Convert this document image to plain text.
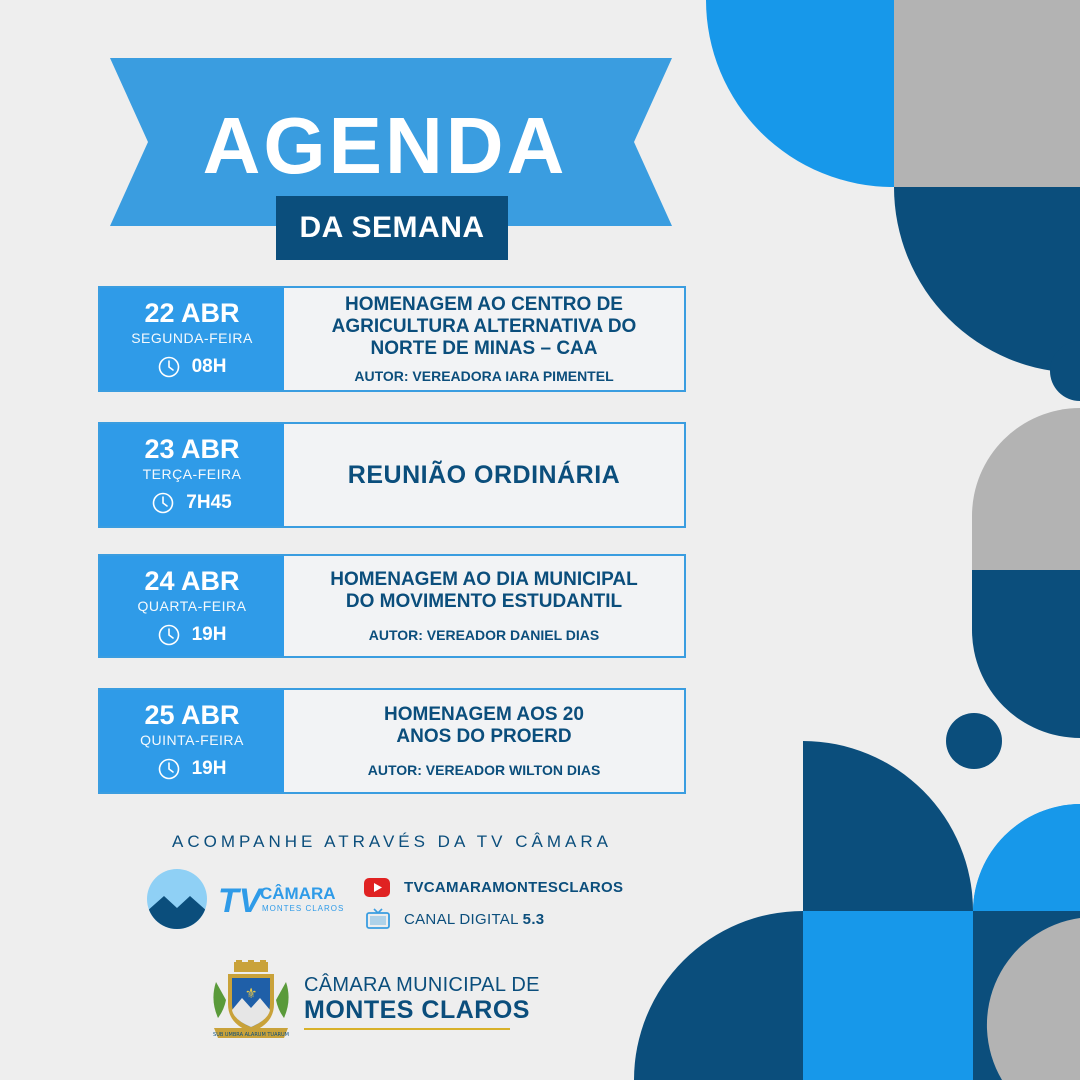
AGENDA
DA SEMANA
22 ABR
SEGUNDA-FEIRA
08H
HOMENAGEM AO CENTRO DE
AGRICULTURA ALTERNATIVA DO
NORTE DE MINAS – CAA
AUTOR: VEREADORA IARA PIMENTEL
23 ABR
TERÇA-FEIRA
7H45
REUNIÃO ORDINÁRIA
24 ABR
QUARTA-FEIRA
19H
HOMENAGEM AO DIA MUNICIPAL
DO MOVIMENTO ESTUDANTIL
AUTOR: VEREADOR DANIEL DIAS
25 ABR
QUINTA-FEIRA
19H
HOMENAGEM AOS 20
ANOS DO PROERD
AUTOR: VEREADOR WILTON DIAS
ACOMPANHE ATRAVÉS DA TV CÂMARA
TV
CÂMARA
MONTES CLAROS
TVCAMARAMONTESCLAROS
CANAL DIGITAL 5.3
⚜
SUB UMBRA ALARUM TUARUM
CÂMARA MUNICIPAL DE
MONTES CLAROS
